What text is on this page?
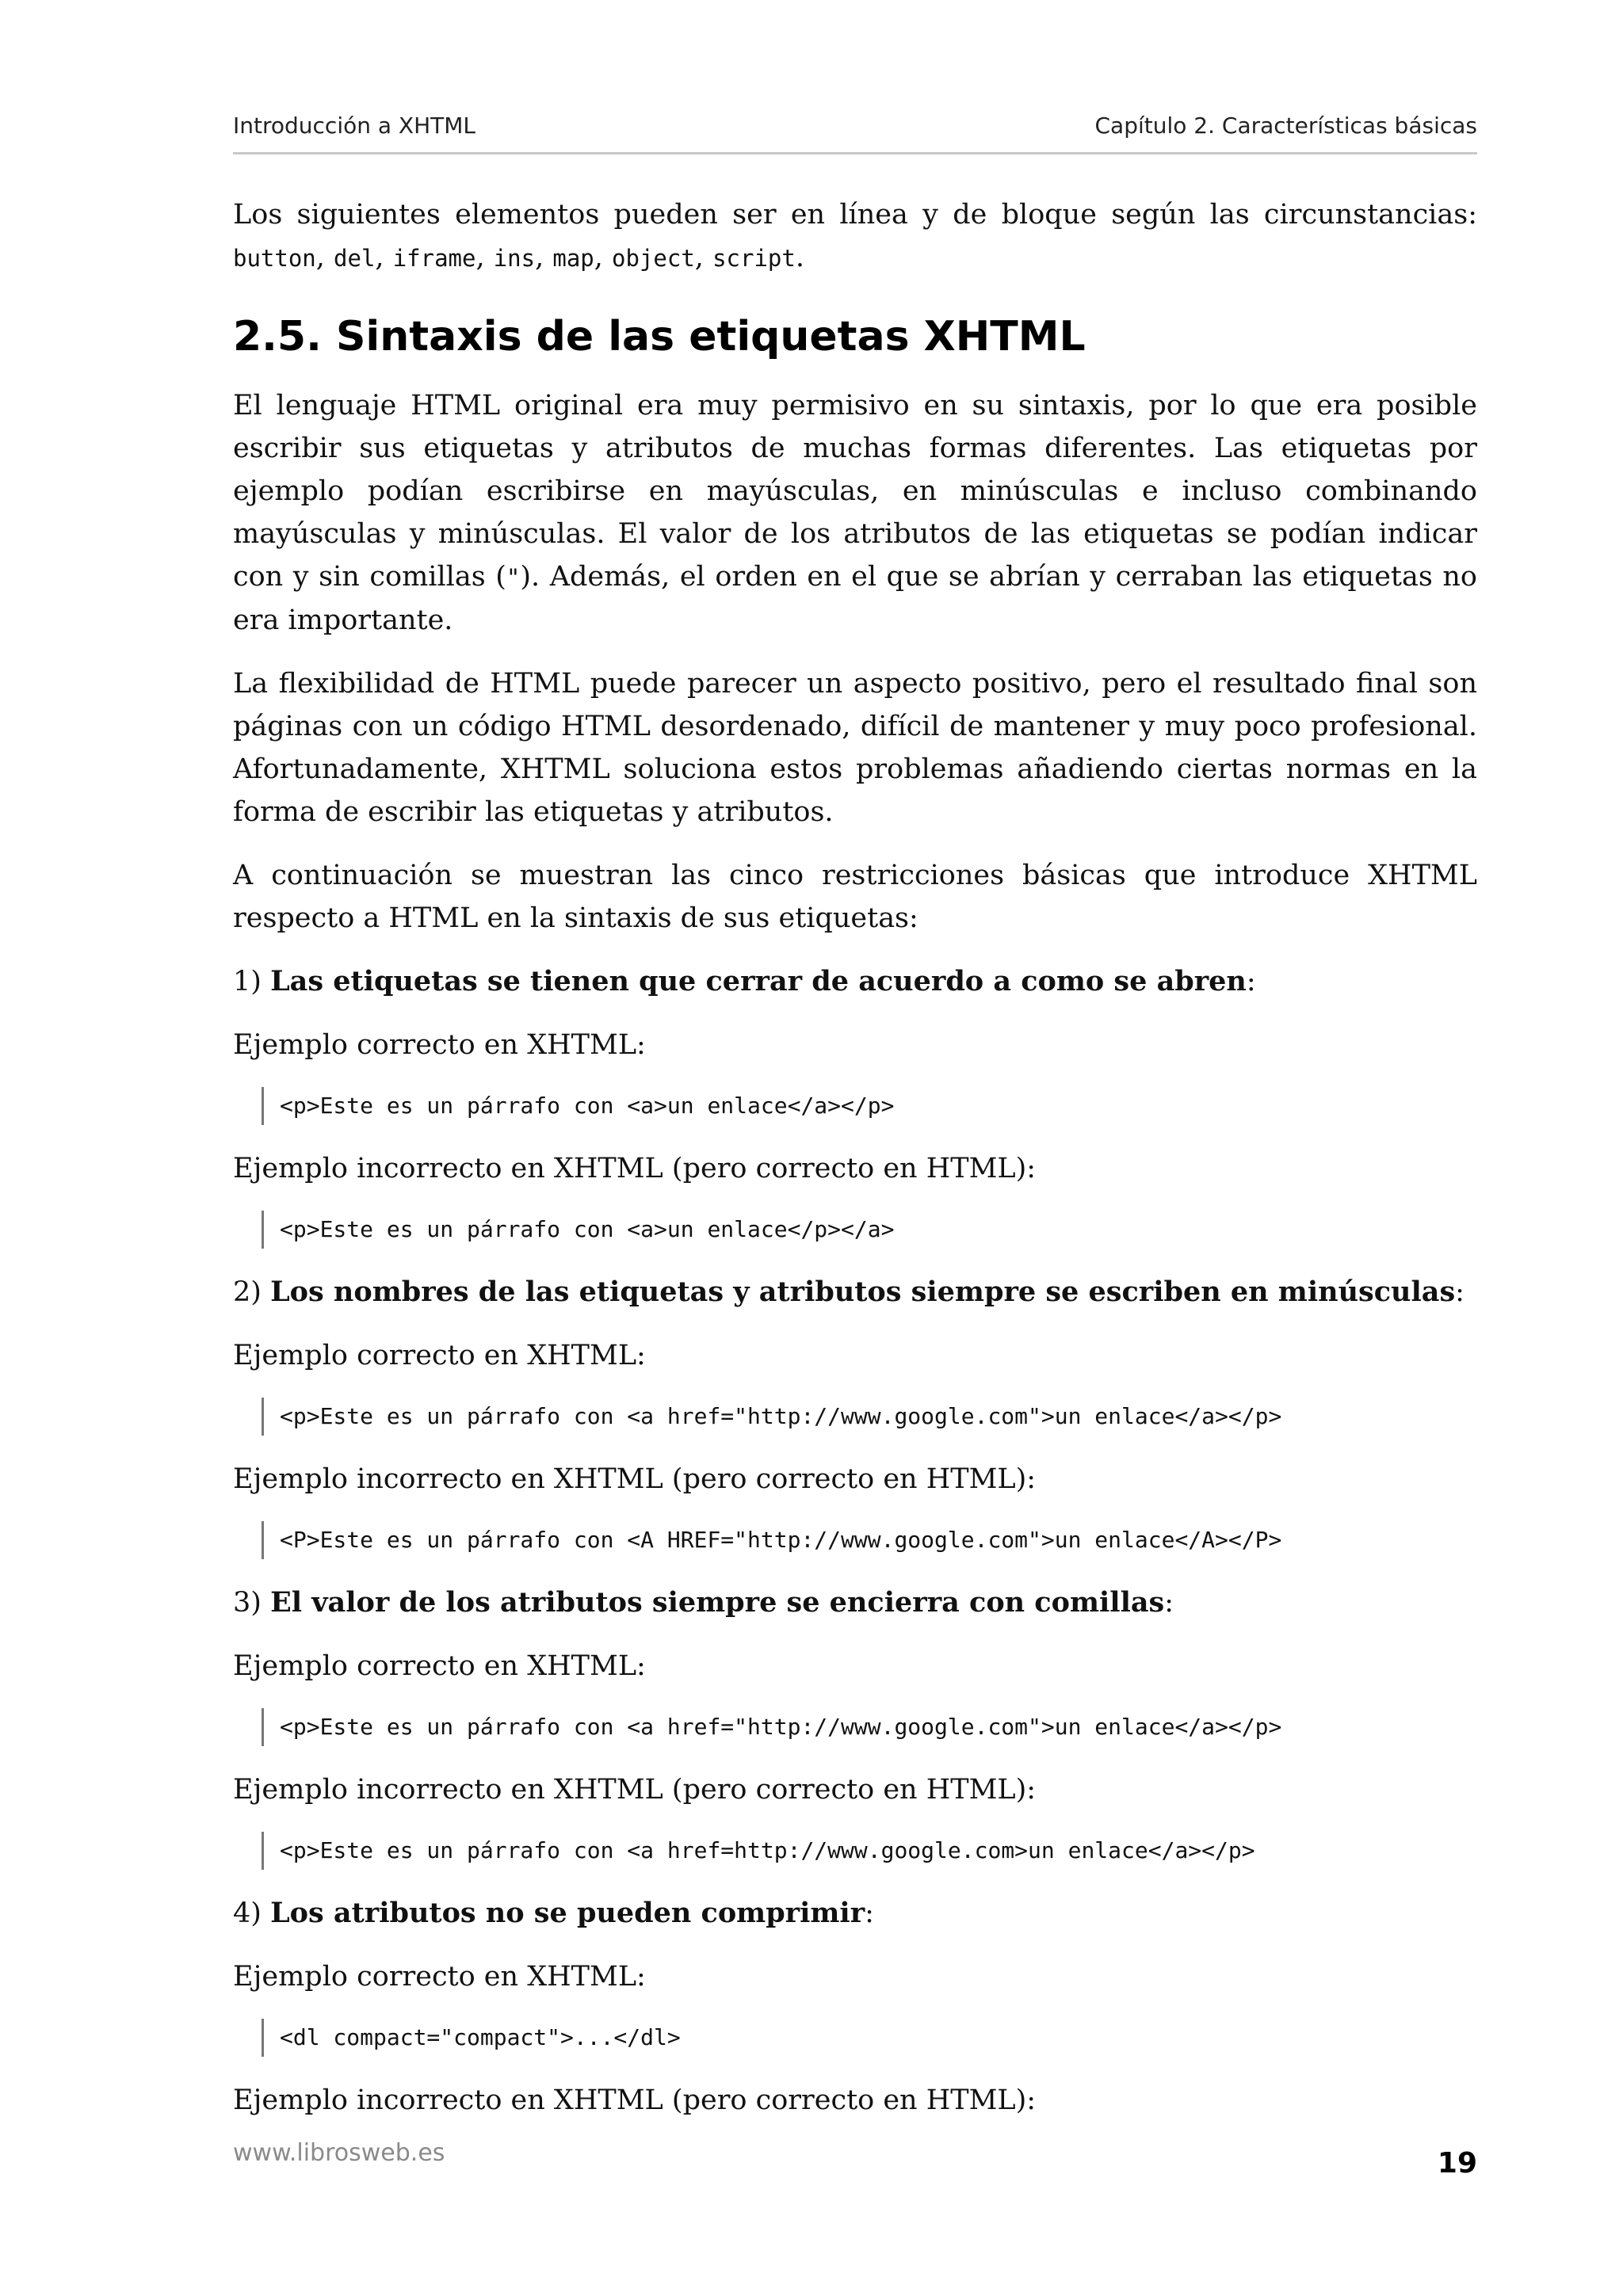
Introducción a XHTML	Capítulo 2. Características básicas

Los siguientes elementos pueden ser en línea y de bloque según las circunstancias: button, del, iframe, ins, map, object, script.

2.5. Sintaxis de las etiquetas XHTML

El lenguaje HTML original era muy permisivo en su sintaxis, por lo que era posible escribir sus etiquetas y atributos de muchas formas diferentes. Las etiquetas por ejemplo podían escribirse en mayúsculas, en minúsculas e incluso combinando mayúsculas y minúsculas. El valor de los atributos de las etiquetas se podían indicar con y sin comillas ("). Además, el orden en el que se abrían y cerraban las etiquetas no era importante.

La flexibilidad de HTML puede parecer un aspecto positivo, pero el resultado final son páginas con un código HTML desordenado, difícil de mantener y muy poco profesional. Afortunadamente, XHTML soluciona estos problemas añadiendo ciertas normas en la forma de escribir las etiquetas y atributos.

A continuación se muestran las cinco restricciones básicas que introduce XHTML respecto a HTML en la sintaxis de sus etiquetas:

1) Las etiquetas se tienen que cerrar de acuerdo a como se abren:

Ejemplo correcto en XHTML:

<p>Este es un párrafo con <a>un enlace</a></p>

Ejemplo incorrecto en XHTML (pero correcto en HTML):

<p>Este es un párrafo con <a>un enlace</p></a>

2) Los nombres de las etiquetas y atributos siempre se escriben en minúsculas:

Ejemplo correcto en XHTML:

<p>Este es un párrafo con <a href="http://www.google.com">un enlace</a></p>

Ejemplo incorrecto en XHTML (pero correcto en HTML):

<P>Este es un párrafo con <A HREF="http://www.google.com">un enlace</A></P>

3) El valor de los atributos siempre se encierra con comillas:

Ejemplo correcto en XHTML:

<p>Este es un párrafo con <a href="http://www.google.com">un enlace</a></p>

Ejemplo incorrecto en XHTML (pero correcto en HTML):

<p>Este es un párrafo con <a href=http://www.google.com>un enlace</a></p>

4) Los atributos no se pueden comprimir:

Ejemplo correcto en XHTML:

<dl compact="compact">...</dl>

Ejemplo incorrecto en XHTML (pero correcto en HTML):

www.librosweb.es	19
